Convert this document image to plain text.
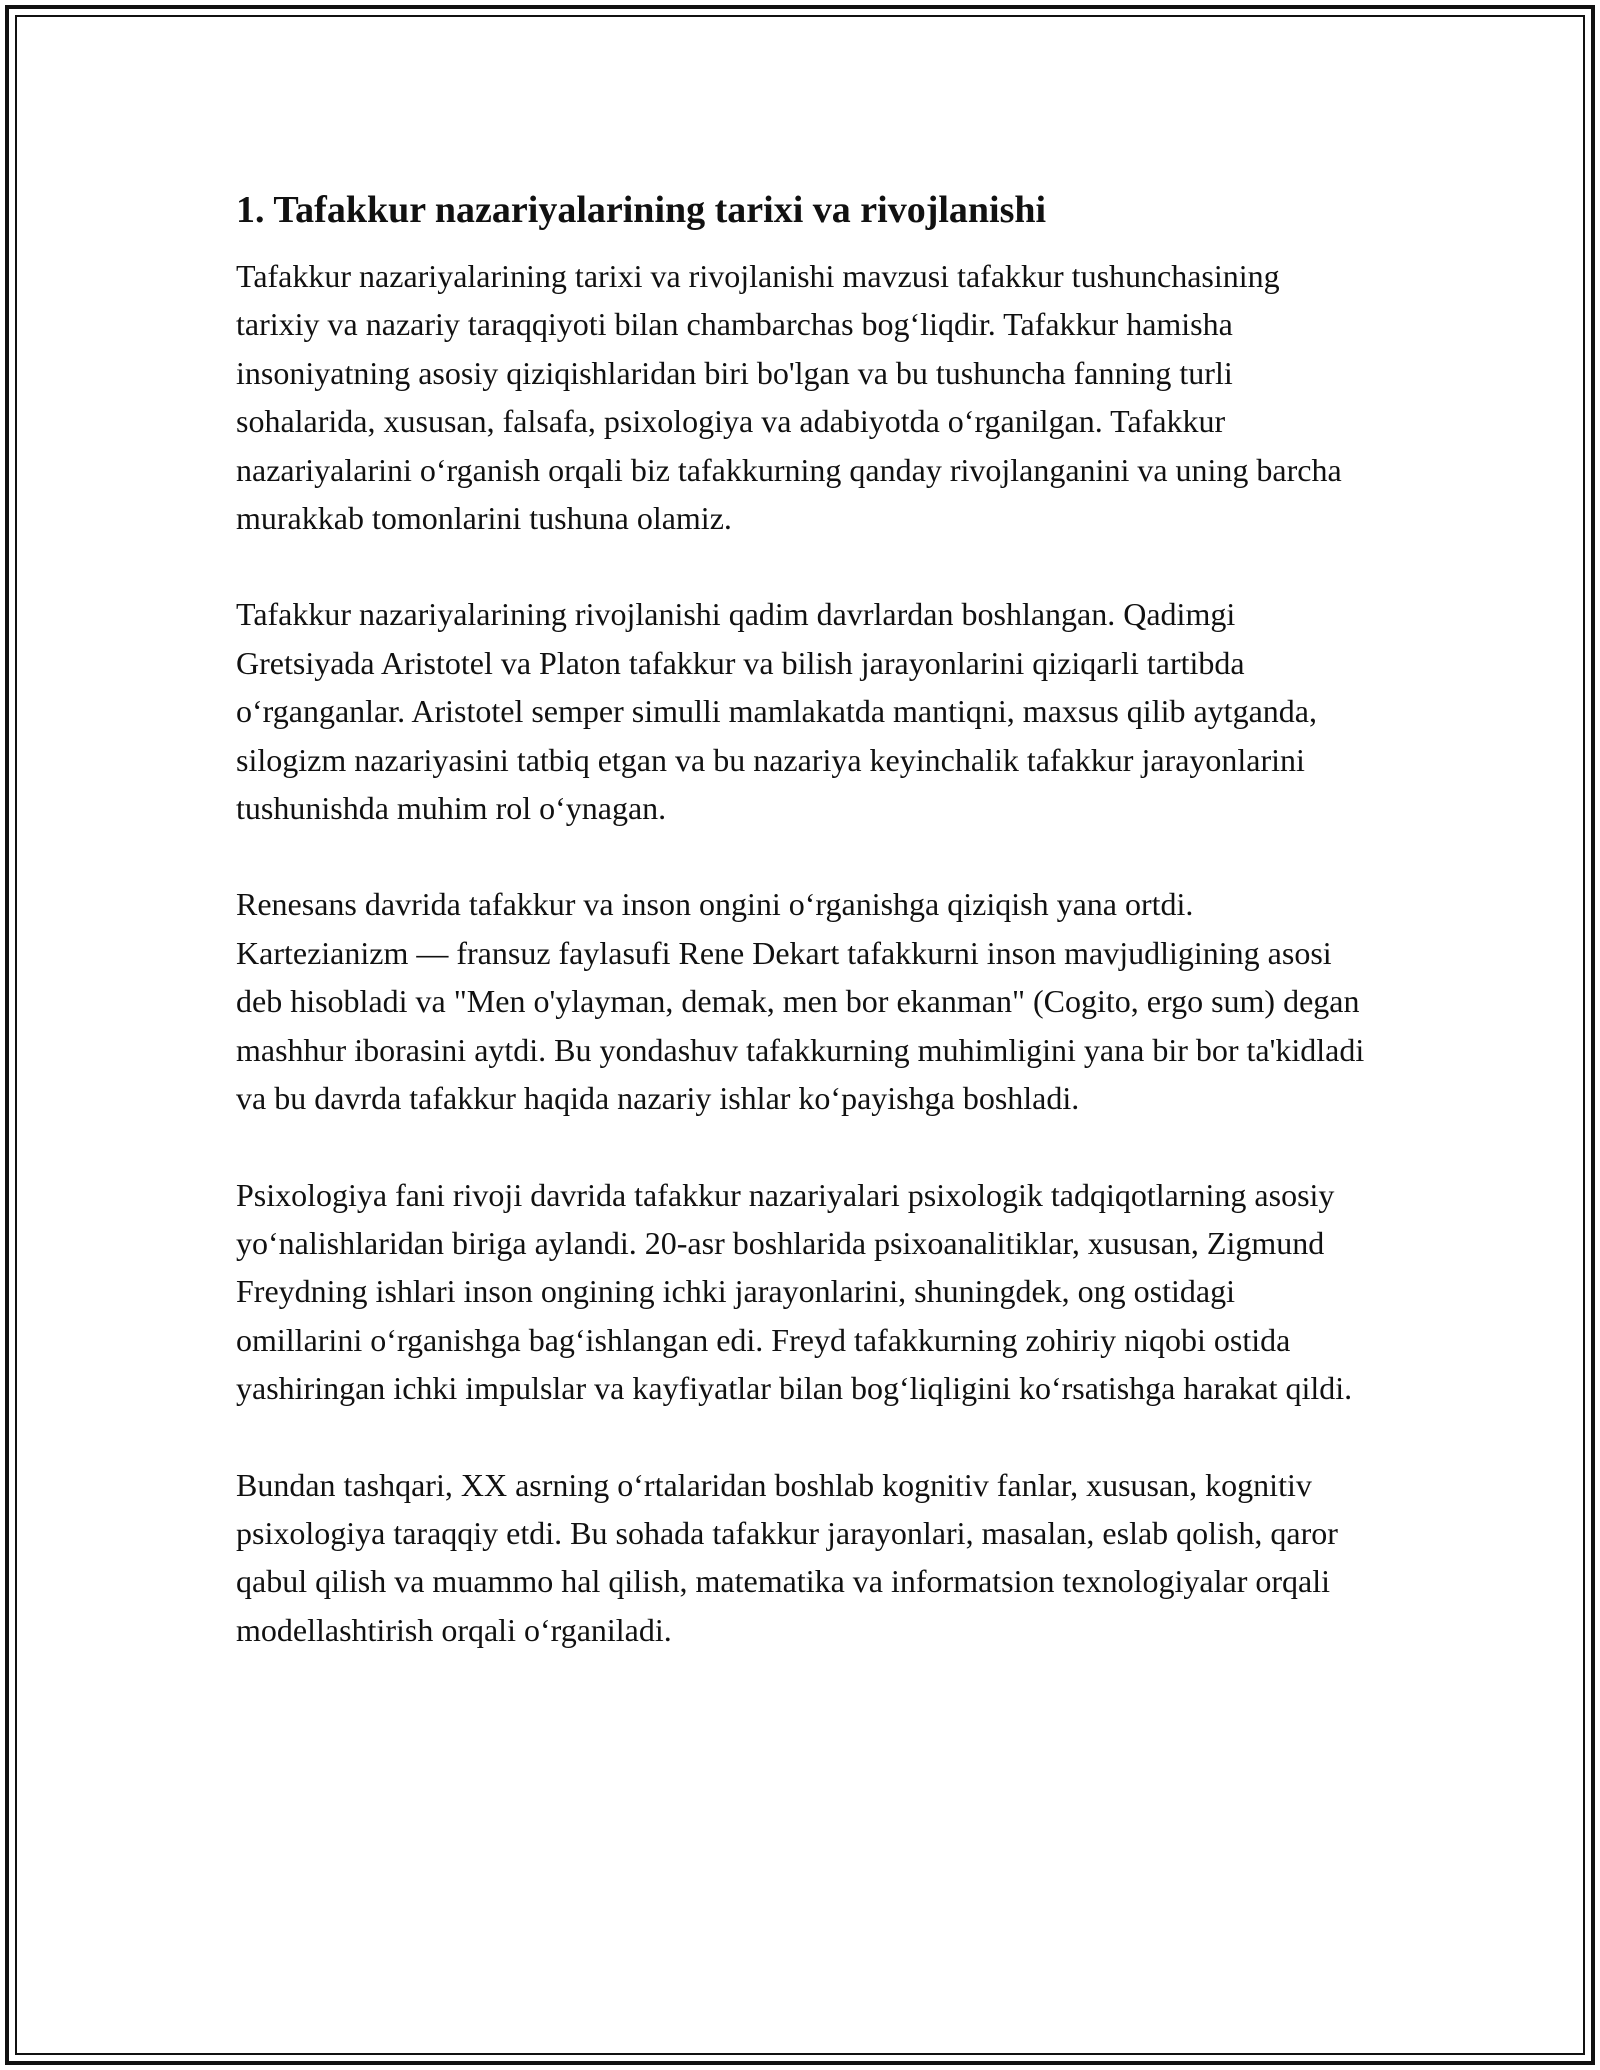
1. Tafakkur nazariyalarining tarixi va rivojlanishi

Tafakkur nazariyalarining tarixi va rivojlanishi mavzusi tafakkur tushunchasining tarixiy va nazariy taraqqiyoti bilan chambarchas bog‘liqdir. Tafakkur hamisha insoniyatning asosiy qiziqishlaridan biri bo'lgan va bu tushuncha fanning turli sohalarida, xususan, falsafa, psixologiya va adabiyotda o‘rganilgan. Tafakkur nazariyalarini o‘rganish orqali biz tafakkurning qanday rivojlanganini va uning barcha murakkab tomonlarini tushuna olamiz.

Tafakkur nazariyalarining rivojlanishi qadim davrlardan boshlangan. Qadimgi Gretsiyada Aristotel va Platon tafakkur va bilish jarayonlarini qiziqarli tartibda o‘rganganlar. Aristotel semper simulli mamlakatda mantiqni, maxsus qilib aytganda, silogizm nazariyasini tatbiq etgan va bu nazariya keyinchalik tafakkur jarayonlarini tushunishda muhim rol o‘ynagan.

Renesans davrida tafakkur va inson ongini o‘rganishga qiziqish yana ortdi. Kartezianizm — fransuz faylasufi Rene Dekart tafakkurni inson mavjudligining asosi deb hisobladi va "Men o'ylayman, demak, men bor ekanman" (Cogito, ergo sum) degan mashhur iborasini aytdi. Bu yondashuv tafakkurning muhimligini yana bir bor ta'kidladi va bu davrda tafakkur haqida nazariy ishlar ko‘payishga boshladi.

Psixologiya fani rivoji davrida tafakkur nazariyalari psixologik tadqiqotlarning asosiy yo‘nalishlaridan biriga aylandi. 20-asr boshlarida psixoanalitiklar, xususan, Zigmund Freydning ishlari inson ongining ichki jarayonlarini, shuningdek, ong ostidagi omillarini o‘rganishga bag‘ishlangan edi. Freyd tafakkurning zohiriy niqobi ostida yashiringan ichki impulslar va kayfiyatlar bilan bog‘liqligini ko‘rsatishga harakat qildi.

Bundan tashqari, XX asrning o‘rtalaridan boshlab kognitiv fanlar, xususan, kognitiv psixologiya taraqqiy etdi. Bu sohada tafakkur jarayonlari, masalan, eslab qolish, qaror qabul qilish va muammo hal qilish, matematika va informatsion texnologiyalar orqali modellashtirish orqali o‘rganiladi.
